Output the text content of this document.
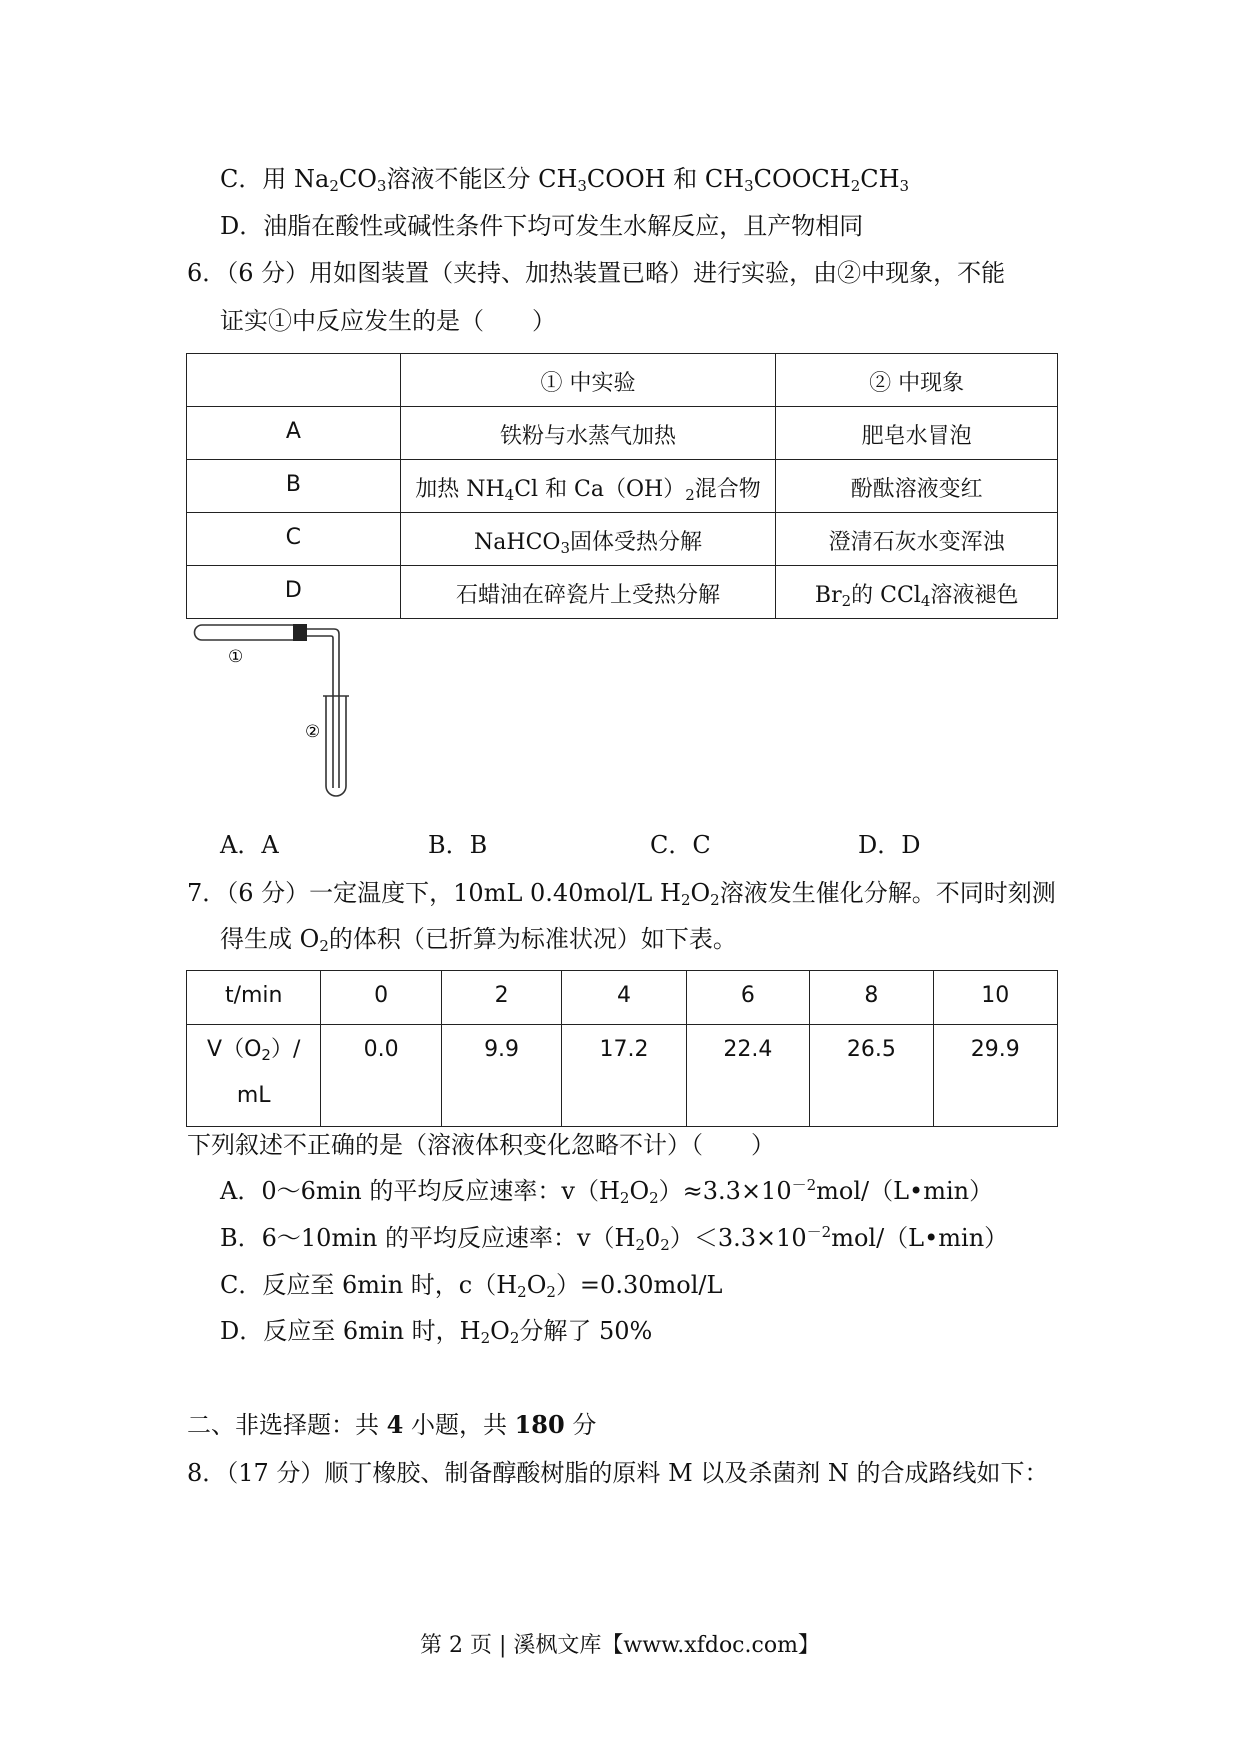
C．用 $Na_2CO_3$溶液不能区分 $CH_3COOH$ 和 $CH_3COOCH_2CH_3$
D．油脂在酸性或碱性条件下均可发生水解反应，且产物相同
6．（6 分）用如图装置（夹持、加热装置已略）进行实验，由②中现象，不能
证实①中反应发生的是（　　）
	① 中实验	② 中现象
A	铁粉与水蒸气加热	肥皂水冒泡
B	加热 $NH_4Cl$ 和 $Ca(OH)_2$混合物	酚酞溶液变红
C	NaHCO$_3$固体受热分解	澄清石灰水变浑浊
D	石蜡油在碎瓷片上受热分解	$Br_2$的 CCl$_4$溶液褪色
①
②
A．A	B．B	C．C	D．D
7．（6 分）一定温度下，10mL 0.40mol/L $H_2O_2$溶液发生催化分解。不同时刻测
得生成 $O_2$的体积（已折算为标准状况）如下表。
t/min	0	2	4	6	8	10
$V(O_2)/$
mL	0.0	9.9	17.2	22.4	26.5	29.9
下列叙述不正确的是（溶液体积变化忽略不计）（　　）
A．0～6min 的平均反应速率：$v(H_2O_2)\approx 3.3\times 10^{-2}mol/(L•\min)$
B．6～10min 的平均反应速率：$v(H_20_2)<3.3\times 10^{-2}mol/(L•\min)$
C．反应至 6min 时，$c(H_2O_2)=0.30mol/L$
D．反应至 6min 时，$H_2O_2$分解了 50%
二、非选择题：共 4 小题，共 180 分
8．（17 分）顺丁橡胶、制备醇酸树脂的原料 M 以及杀菌剂 N 的合成路线如下：
第 2 页 | 溪枫文库【www.xfdoc.com】
